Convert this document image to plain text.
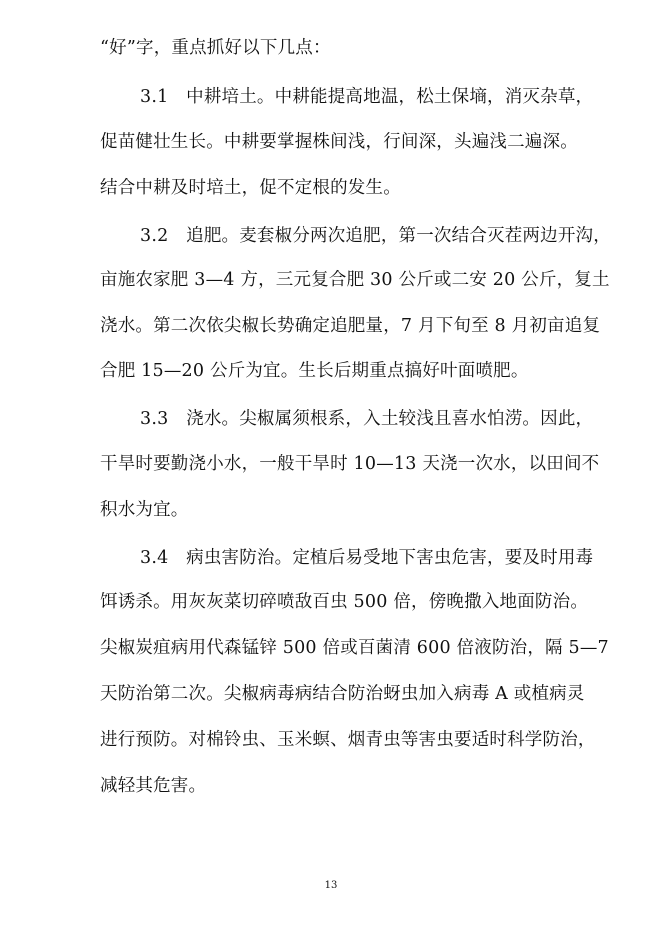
“好”字，重点抓好以下几点：
3.1　中耕培土。中耕能提高地温，松土保墒，消灭杂草，
促苗健壮生长。中耕要掌握株间浅，行间深，头遍浅二遍深。
结合中耕及时培土，促不定根的发生。
3.2　追肥。麦套椒分两次追肥，第一次结合灭茬两边开沟，
亩施农家肥 3—4 方，三元复合肥 30 公斤或二安 20 公斤，复土
浇水。第二次依尖椒长势确定追肥量，7 月下旬至 8 月初亩追复
合肥 15—20 公斤为宜。生长后期重点搞好叶面喷肥。
3.3　浇水。尖椒属须根系，入土较浅且喜水怕涝。因此，
干旱时要勤浇小水，一般干旱时 10—13 天浇一次水，以田间不
积水为宜。
3.4　病虫害防治。定植后易受地下害虫危害，要及时用毒
饵诱杀。用灰灰菜切碎喷敌百虫 500 倍，傍晚撒入地面防治。
尖椒炭疽病用代森锰锌 500 倍或百菌清 600 倍液防治，隔 5—7
天防治第二次。尖椒病毒病结合防治蚜虫加入病毒 A 或植病灵
进行预防。对棉铃虫、玉米螟、烟青虫等害虫要适时科学防治，
减轻其危害。
13
